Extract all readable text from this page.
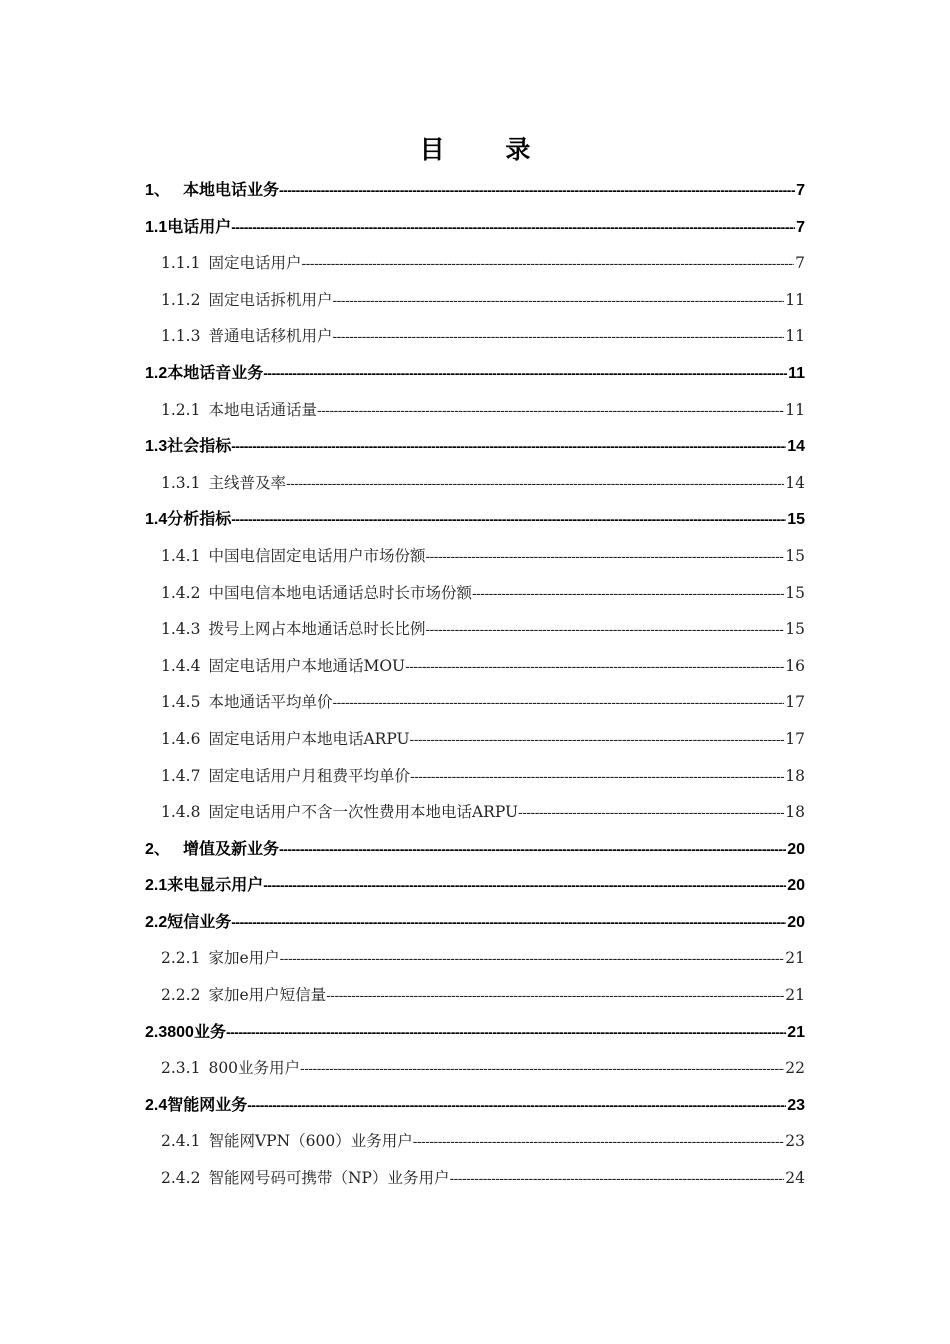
目 录
1、 本地电话业务 -----	7
1.1电话用户 -----	7
1.1.1 固定电话用户 -----	7
1.1.2 固定电话拆机用户 -----	11
1.1.3 普通电话移机用户 -----	11
1.2本地话音业务 -----	11
1.2.1 本地电话通话量 -----	11
1.3社会指标 -----	14
1.3.1 主线普及率 -----	14
1.4分析指标 -----	15
1.4.1 中国电信固定电话用户市场份额 -----	15
1.4.2 中国电信本地电话通话总时长市场份额 -----	15
1.4.3 拨号上网占本地通话总时长比例 -----	15
1.4.4 固定电话用户本地通话MOU -----	16
1.4.5 本地通话平均单价 -----	17
1.4.6 固定电话用户本地电话ARPU -----	17
1.4.7 固定电话用户月租费平均单价 -----	18
1.4.8 固定电话用户不含一次性费用本地电话ARPU -----	18
2、 增值及新业务 -----	20
2.1来电显示用户 -----	20
2.2短信业务 -----	20
2.2.1 家加e用户 -----	21
2.2.2 家加e用户短信量 -----	21
2.3800业务 -----	21
2.3.1 800业务用户 -----	22
2.4智能网业务 -----	23
2.4.1 智能网VPN（600）业务用户 -----	23
2.4.2 智能网号码可携带（NP）业务用户 -----	24
